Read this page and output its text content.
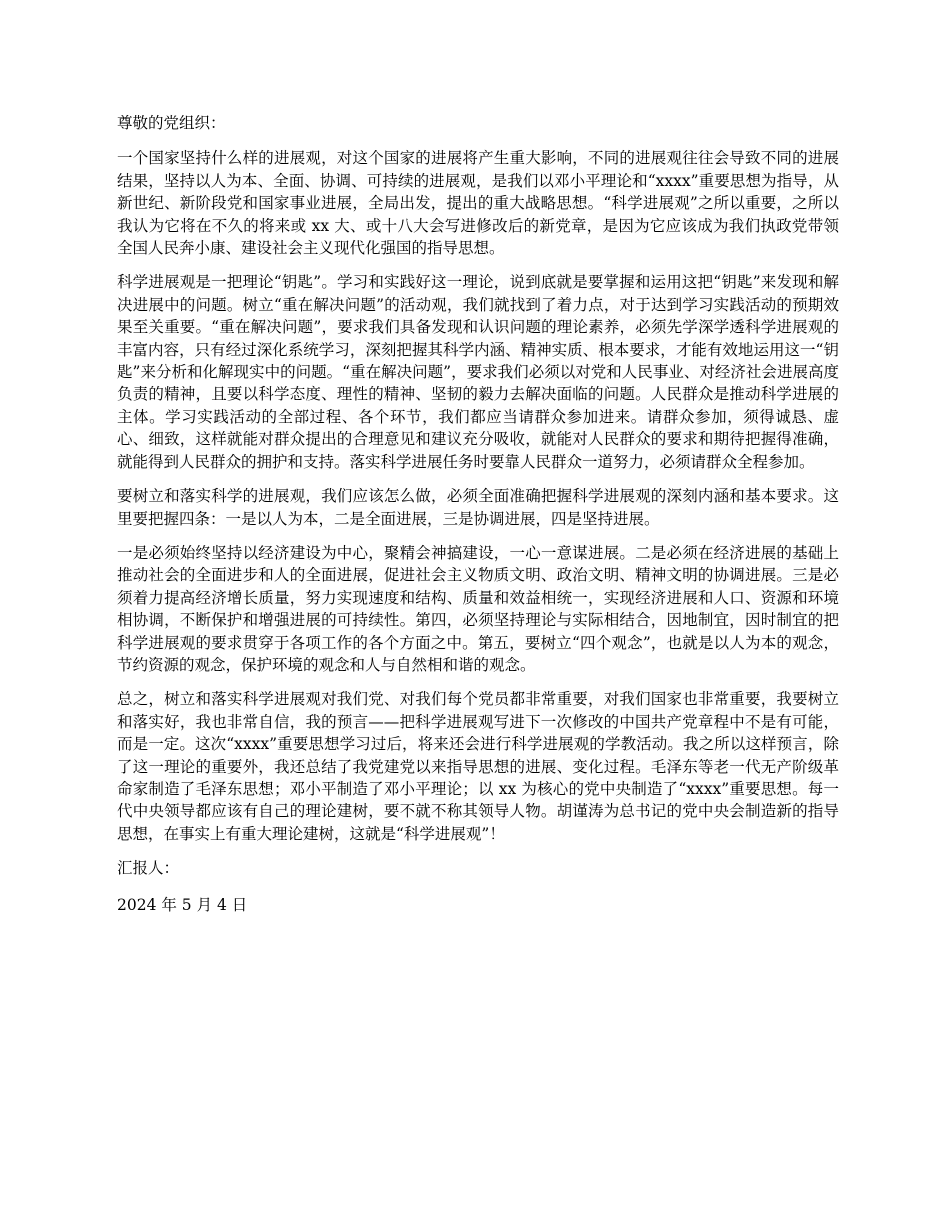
尊敬的党组织：

一个国家坚持什么样的进展观，对这个国家的进展将产生重大影响，不同的进展观往往会导致不同的进展结果，坚持以人为本、全面、协调、可持续的进展观，是我们以邓小平理论和“xxxx”重要思想为指导，从新世纪、新阶段党和国家事业进展，全局出发，提出的重大战略思想。“科学进展观”之所以重要，之所以我认为它将在不久的将来或 xx 大、或十八大会写进修改后的新党章，是因为它应该成为我们执政党带领全国人民奔小康、建设社会主义现代化强国的指导思想。

科学进展观是一把理论“钥匙”。学习和实践好这一理论，说到底就是要掌握和运用这把“钥匙”来发现和解决进展中的问题。树立“重在解决问题”的活动观，我们就找到了着力点，对于达到学习实践活动的预期效果至关重要。“重在解决问题”，要求我们具备发现和认识问题的理论素养，必须先学深学透科学进展观的丰富内容，只有经过深化系统学习，深刻把握其科学内涵、精神实质、根本要求，才能有效地运用这一“钥匙”来分析和化解现实中的问题。“重在解决问题”，要求我们必须以对党和人民事业、对经济社会进展高度负责的精神，且要以科学态度、理性的精神、坚韧的毅力去解决面临的问题。人民群众是推动科学进展的主体。学习实践活动的全部过程、各个环节，我们都应当请群众参加进来。请群众参加，须得诚恳、虚心、细致，这样就能对群众提出的合理意见和建议充分吸收，就能对人民群众的要求和期待把握得准确，就能得到人民群众的拥护和支持。落实科学进展任务时要靠人民群众一道努力，必须请群众全程参加。

要树立和落实科学的进展观，我们应该怎么做，必须全面准确把握科学进展观的深刻内涵和基本要求。这里要把握四条：一是以人为本，二是全面进展，三是协调进展，四是坚持进展。

一是必须始终坚持以经济建设为中心，聚精会神搞建设，一心一意谋进展。二是必须在经济进展的基础上推动社会的全面进步和人的全面进展，促进社会主义物质文明、政治文明、精神文明的协调进展。三是必须着力提高经济增长质量，努力实现速度和结构、质量和效益相统一，实现经济进展和人口、资源和环境相协调，不断保护和增强进展的可持续性。第四，必须坚持理论与实际相结合，因地制宜，因时制宜的把科学进展观的要求贯穿于各项工作的各个方面之中。第五，要树立“四个观念”，也就是以人为本的观念，节约资源的观念，保护环境的观念和人与自然相和谐的观念。

总之，树立和落实科学进展观对我们党、对我们每个党员都非常重要，对我们国家也非常重要，我要树立和落实好，我也非常自信，我的预言——把科学进展观写进下一次修改的中国共产党章程中不是有可能，而是一定。这次“xxxx”重要思想学习过后，将来还会进行科学进展观的学教活动。我之所以这样预言，除了这一理论的重要外，我还总结了我党建党以来指导思想的进展、变化过程。毛泽东等老一代无产阶级革命家制造了毛泽东思想；邓小平制造了邓小平理论；以 xx 为核心的党中央制造了“xxxx”重要思想。每一代中央领导都应该有自己的理论建树，要不就不称其领导人物。胡谨涛为总书记的党中央会制造新的指导思想，在事实上有重大理论建树，这就是“科学进展观”！

汇报人：

2024 年 5 月 4 日
